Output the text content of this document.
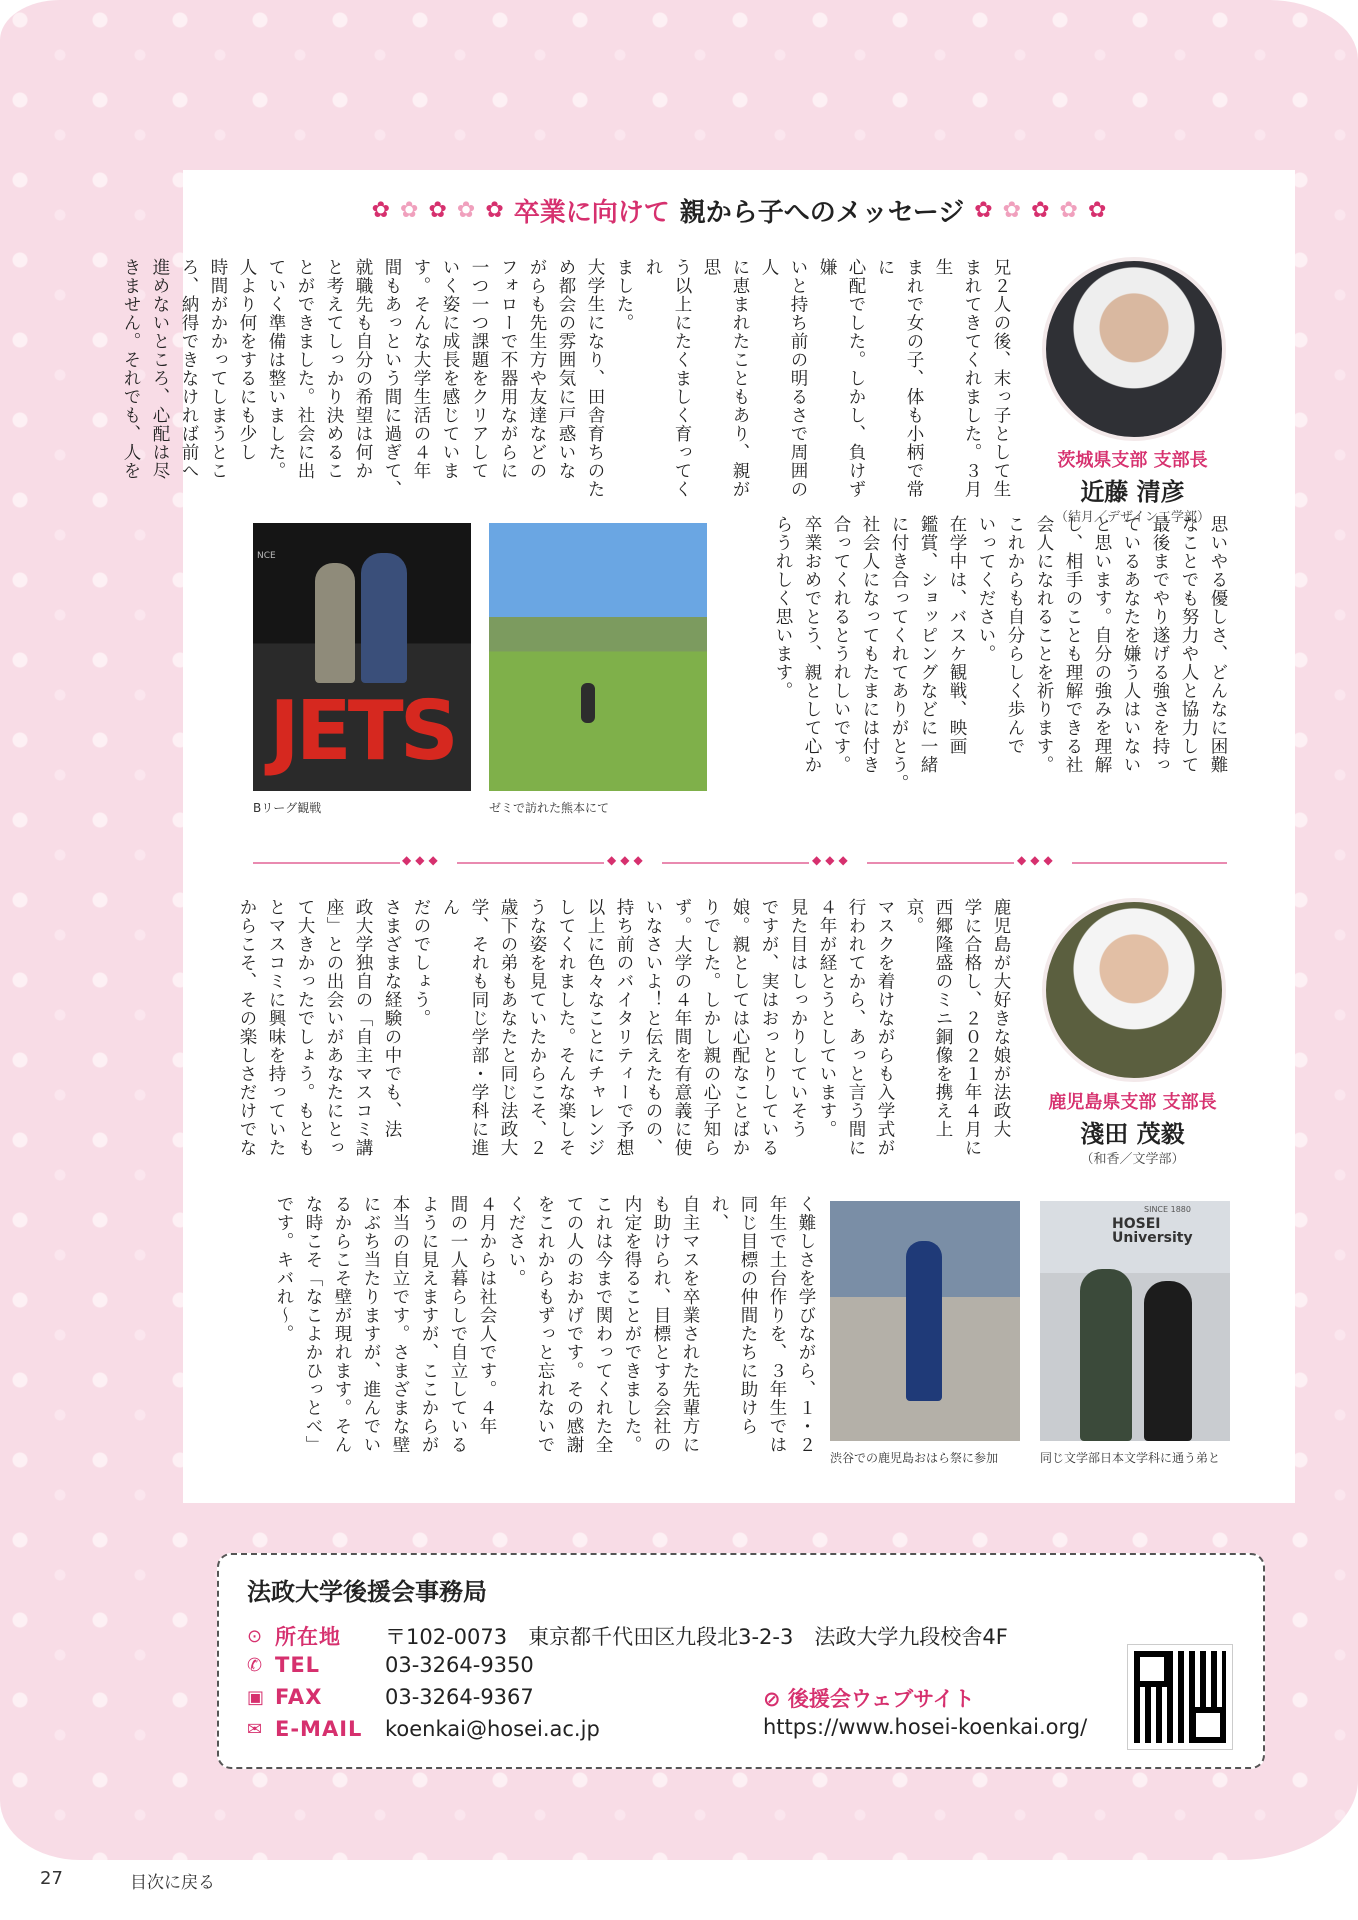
✿ ✿ ✿ ✿ ✿ 卒業に向けて 親から子へのメッセージ ✿ ✿ ✿ ✿ ✿
茨城県支部 支部長
近藤 清彦
（結月／デザイン工学部）
兄２人の後、末っ子として生
まれてきてくれました。３月生
まれで女の子、体も小柄で常に
心配でした。しかし、負けず嫌
いと持ち前の明るさで周囲の人
に恵まれたこともあり、親が思
う以上にたくましく育ってくれ
ました。
大学生になり、田舎育ちのた
め都会の雰囲気に戸惑いな
がらも先生方や友達などの
フォローで不器用ながらに
一つ一つ課題をクリアして
いく姿に成長を感じていま
す。そんな大学生活の４年
間もあっという間に過ぎて、
就職先も自分の希望は何か
と考えてしっかり決めるこ
とができました。社会に出
ていく準備は整いました。
人より何をするにも少し
時間がかかってしまうとこ
ろ、納得できなければ前へ
進めないところ、心配は尽
きません。それでも、人を
思いやる優しさ、どんなに困難
なことでも努力や人と協力して
最後までやり遂げる強さを持っ
ているあなたを嫌う人はいない
と思います。自分の強みを理解
し、相手のことも理解できる社
会人になれることを祈ります。
これからも自分らしく歩んで
いってください。
在学中は、バスケ観戦、映画
鑑賞、ショッピングなどに一緒
に付き合ってくれてありがとう。
社会人になってもたまには付き
合ってくれるとうれしいです。
卒業おめでとう、親として心か
らうれしく思います。
NCE
JETS
Bリーグ観戦	ゼミで訪れた熊本にて
◆◆◆	◆◆◆	◆◆◆	◆◆◆
鹿児島県支部 支部長
淺田 茂毅
（和香／文学部）
鹿児島が大好きな娘が法政大
学に合格し、２０２１年４月に
西郷隆盛のミニ銅像を携え上京。
マスクを着けながらも入学式が
行われてから、あっと言う間に
４年が経とうとしています。
見た目はしっかりしていそう
ですが、実はおっとりしている
娘。親としては心配なことばか
りでした。しかし親の心子知ら
ず。大学の４年間を有意義に使
いなさいよ！と伝えたものの、
持ち前のバイタリティーで予想
以上に色々なことにチャレンジ
してくれました。そんな楽しそ
うな姿を見ていたからこそ、２
歳下の弟もあなたと同じ法政大
学、それも同じ学部・学科に進ん
だのでしょう。
さまざまな経験の中でも、法
政大学独自の「自主マスコミ講
座」との出会いがあなたにとっ
て大きかったでしょう。もとも
とマスコミに興味を持っていた
からこそ、その楽しさだけでな
く難しさを学びながら、１・２
年生で土台作りを、３年生では
同じ目標の仲間たちに助けられ、
自主マスを卒業された先輩方に
も助けられ、目標とする会社の
内定を得ることができました。
これは今まで関わってくれた全
ての人のおかげです。その感謝
をこれからもずっと忘れないで
ください。
４月からは社会人です。４年
間の一人暮らしで自立している
ように見えますが、ここからが
本当の自立です。さまざまな壁
にぶち当たりますが、進んでい
るからこそ壁が現れます。そん
な時こそ「なこよかひっとべ」
です。キバれ〜。
渋谷での鹿児島おはら祭に参加
SINCE 1880
HOSEI University
同じ文学部日本文学科に通う弟と
法政大学後援会事務局
⊙ 所在地	〒102-0073　東京都千代田区九段北3-2-3　法政大学九段校舎4F
✆ TEL	03-3264-9350
▣ FAX	03-3264-9367
✉ E-MAIL	koenkai@hosei.ac.jp
⊘ 後援会ウェブサイト
https://www.hosei-koenkai.org/
27	目次に戻る
